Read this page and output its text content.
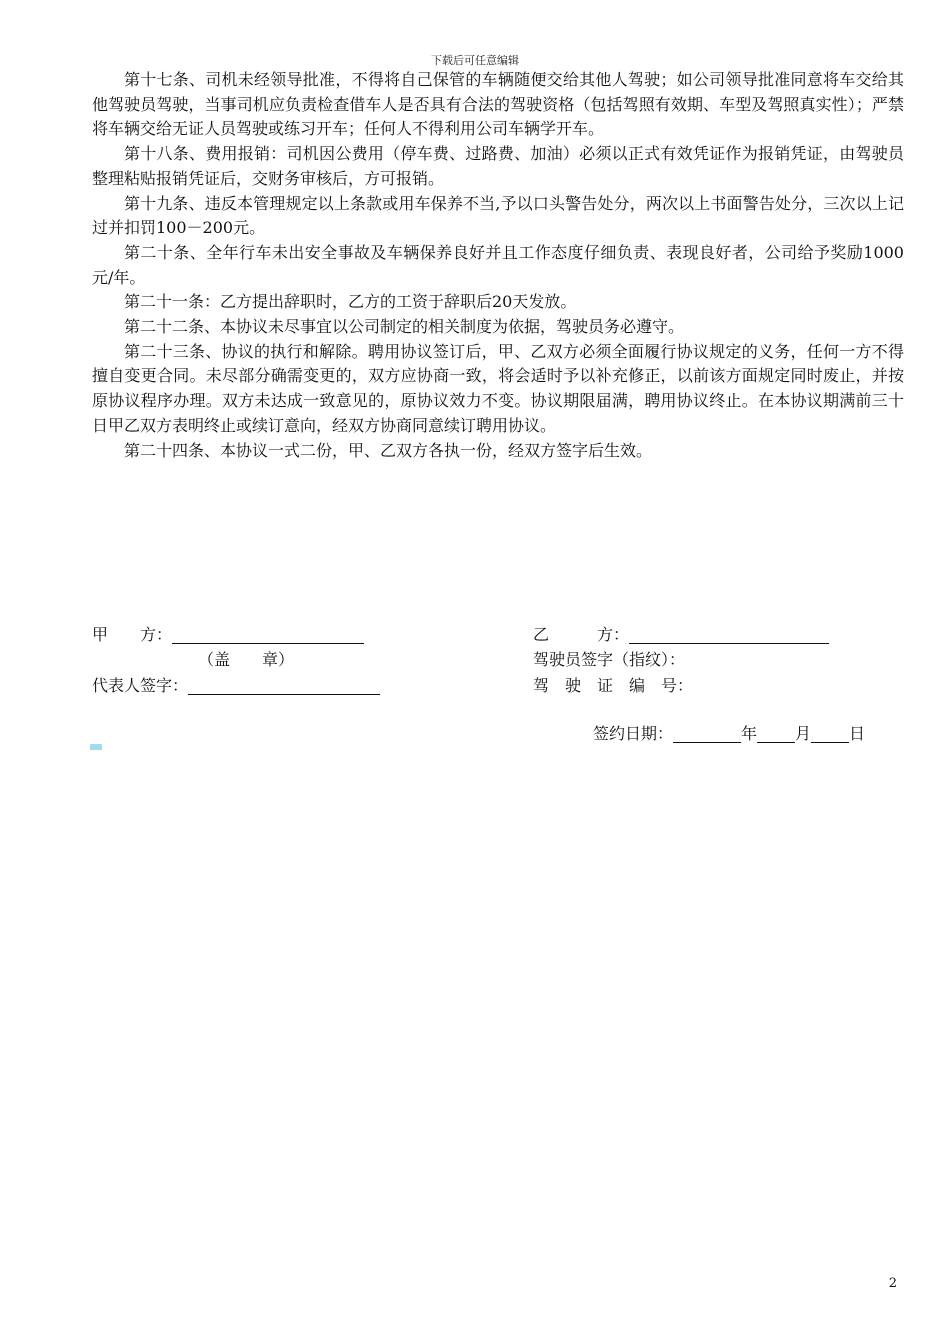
下载后可任意编辑

第十七条、司机未经领导批准，不得将自己保管的车辆随便交给其他人驾驶；如公司领导批准同意将车交给其他驾驶员驾驶，当事司机应负责检查借车人是否具有合法的驾驶资格（包括驾照有效期、车型及驾照真实性）；严禁将车辆交给无证人员驾驶或练习开车；任何人不得利用公司车辆学开车。

第十八条、费用报销：司机因公费用（停车费、过路费、加油）必须以正式有效凭证作为报销凭证，由驾驶员整理粘贴报销凭证后，交财务审核后，方可报销。

第十九条、违反本管理规定以上条款或用车保养不当,予以口头警告处分，两次以上书面警告处分，三次以上记过并扣罚100－200元。

第二十条、全年行车未出安全事故及车辆保养良好并且工作态度仔细负责、表现良好者，公司给予奖励1000元/年。

第二十一条：乙方提出辞职时，乙方的工资于辞职后20天发放。

第二十二条、本协议未尽事宜以公司制定的相关制度为依据，驾驶员务必遵守。

第二十三条、协议的执行和解除。聘用协议签订后，甲、乙双方必须全面履行协议规定的义务，任何一方不得擅自变更合同。未尽部分确需变更的，双方应协商一致，将会适时予以补充修正，以前该方面规定同时废止，并按原协议程序办理。双方未达成一致意见的，原协议效力不变。协议期限届满，聘用协议终止。在本协议期满前三十日甲乙双方表明终止或续订意向，经双方协商同意续订聘用协议。

第二十四条、本协议一式二份，甲、乙双方各执一份，经双方签字后生效。

甲　　方：
（盖　　章）
代表人签字：
乙　　　方：
驾驶员签字（指纹）：
驾　驶　证　编　号：
签约日期：	年 月 日
2
